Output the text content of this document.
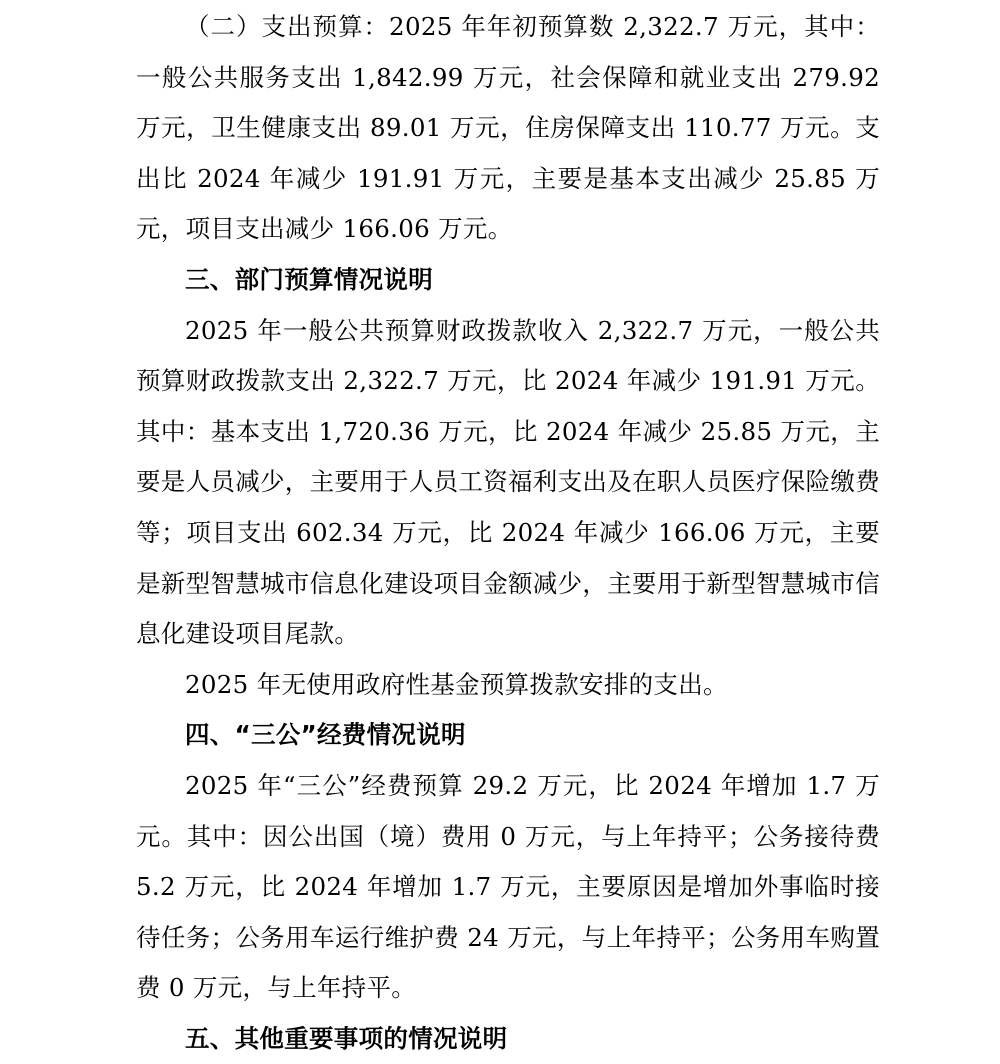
（二）支出预算：2025 年年初预算数 2,322.7 万元，其中：一般公共服务支出 1,842.99 万元，社会保障和就业支出 279.92 万元，卫生健康支出 89.01 万元，住房保障支出 110.77 万元。支出比 2024 年减少 191.91 万元，主要是基本支出减少 25.85 万元，项目支出减少 166.06 万元。

三、部门预算情况说明

2025 年一般公共预算财政拨款收入 2,322.7 万元，一般公共预算财政拨款支出 2,322.7 万元，比 2024 年减少 191.91 万元。其中：基本支出 1,720.36 万元，比 2024 年减少 25.85 万元，主要是人员减少，主要用于人员工资福利支出及在职人员医疗保险缴费等；项目支出 602.34 万元，比 2024 年减少 166.06 万元，主要是新型智慧城市信息化建设项目金额减少，主要用于新型智慧城市信息化建设项目尾款。

2025 年无使用政府性基金预算拨款安排的支出。

四、“三公”经费情况说明

2025 年“三公”经费预算 29.2 万元，比 2024 年增加 1.7 万元。其中：因公出国（境）费用 0 万元，与上年持平；公务接待费 5.2 万元，比 2024 年增加 1.7 万元，主要原因是增加外事临时接待任务；公务用车运行维护费 24 万元，与上年持平；公务用车购置费 0 万元，与上年持平。

五、其他重要事项的情况说明
